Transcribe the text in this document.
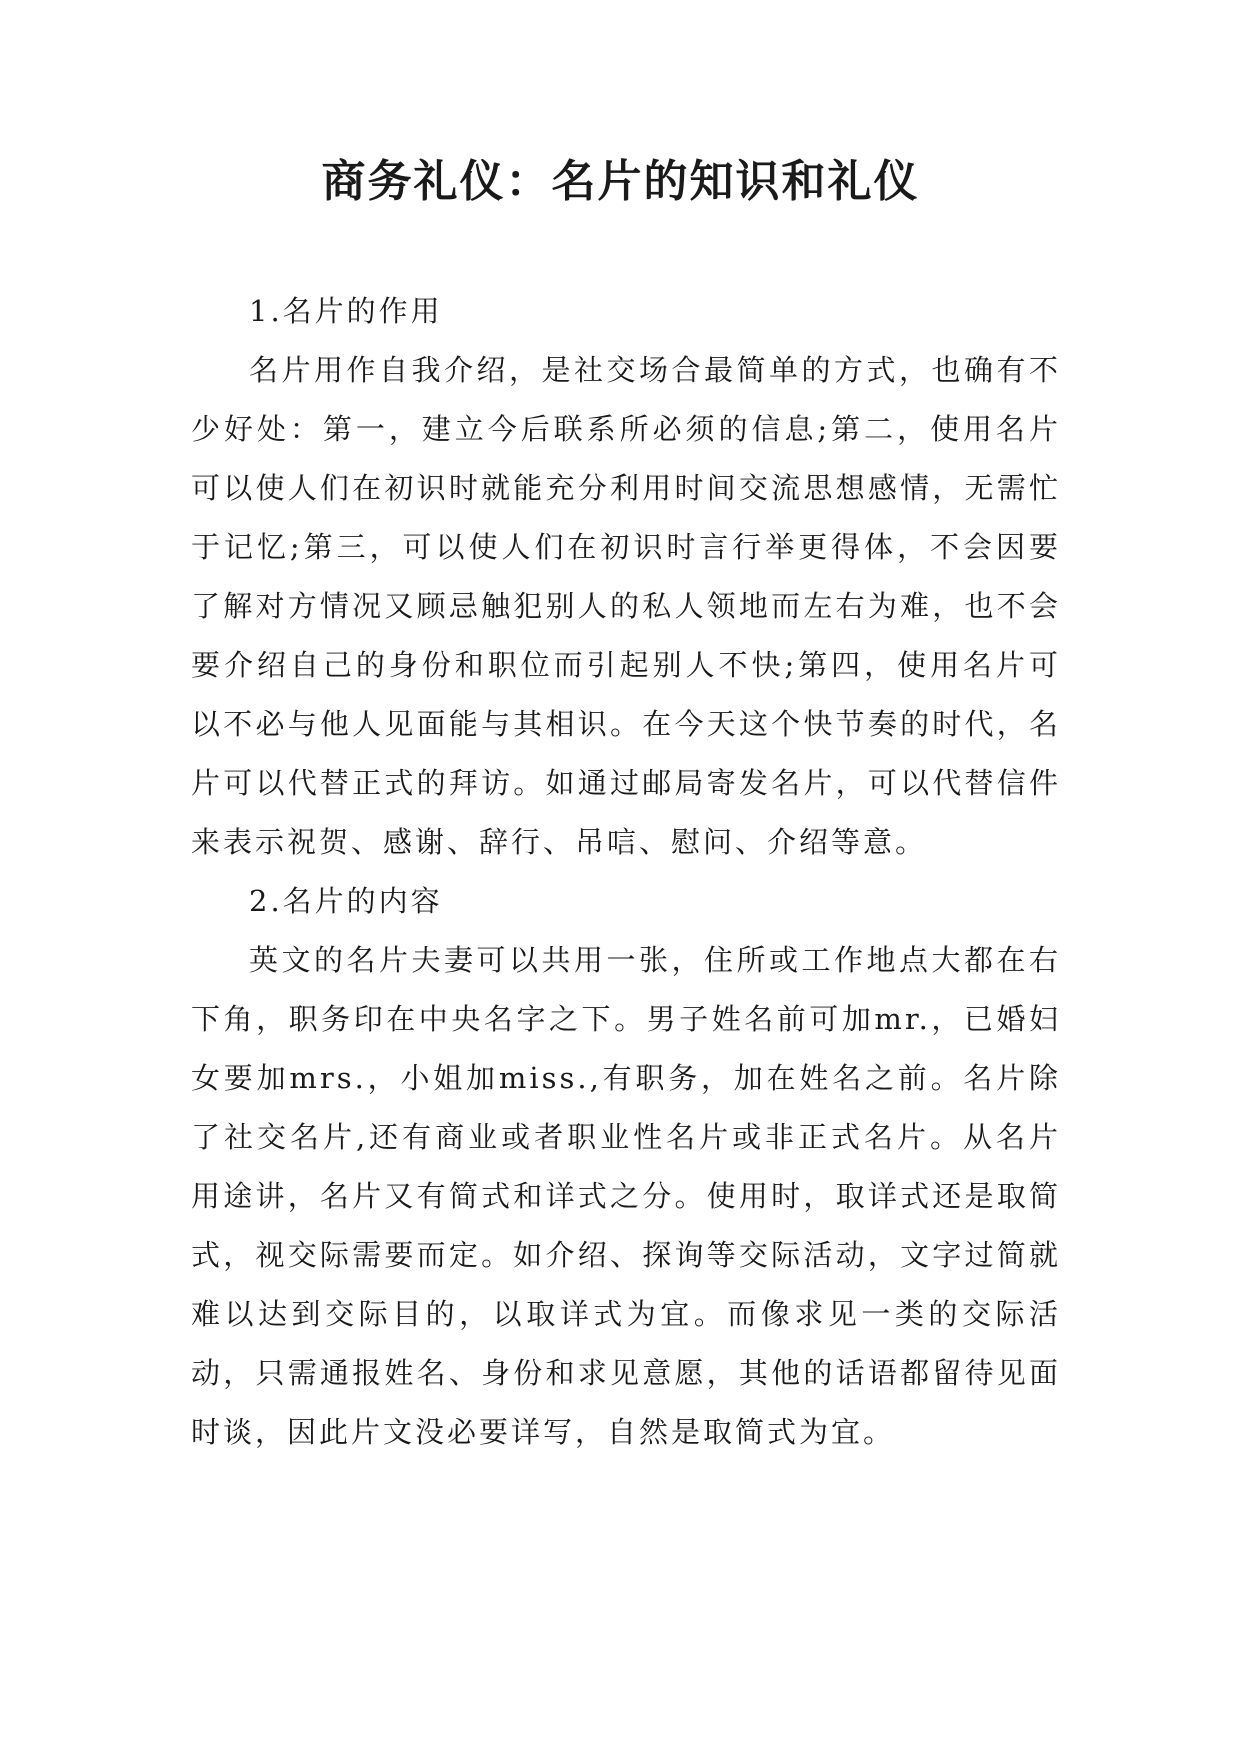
商务礼仪：名片的知识和礼仪

1.名片的作用

名片用作自我介绍，是社交场合最简单的方式，也确有不少好处：第一，建立今后联系所必须的信息;第二，使用名片可以使人们在初识时就能充分利用时间交流思想感情，无需忙于记忆;第三，可以使人们在初识时言行举更得体，不会因要了解对方情况又顾忌触犯别人的私人领地而左右为难，也不会要介绍自己的身份和职位而引起别人不快;第四，使用名片可以不必与他人见面能与其相识。在今天这个快节奏的时代，名片可以代替正式的拜访。如通过邮局寄发名片，可以代替信件来表示祝贺、感谢、辞行、吊唁、慰问、介绍等意。

2.名片的内容

英文的名片夫妻可以共用一张，住所或工作地点大都在右下角，职务印在中央名字之下。男子姓名前可加mr.，已婚妇女要加mrs.，小姐加miss.,有职务，加在姓名之前。名片除了社交名片,还有商业或者职业性名片或非正式名片。从名片用途讲，名片又有简式和详式之分。使用时，取详式还是取简式，视交际需要而定。如介绍、探询等交际活动，文字过简就难以达到交际目的，以取详式为宜。而像求见一类的交际活动，只需通报姓名、身份和求见意愿，其他的话语都留待见面时谈，因此片文没必要详写，自然是取简式为宜。
